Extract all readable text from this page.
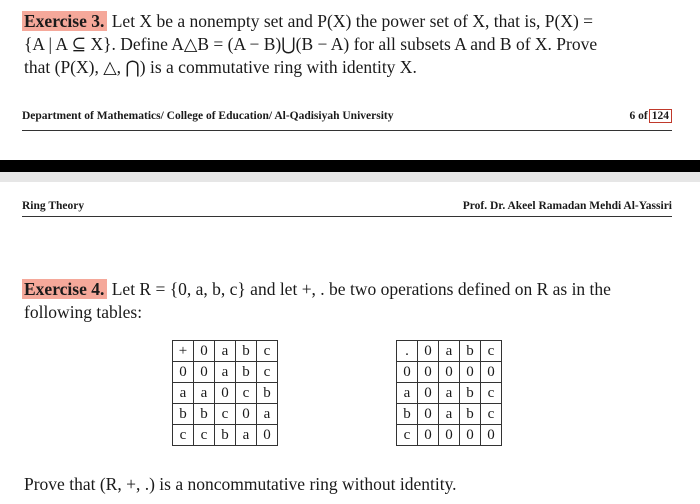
Exercise 3. Let X be a nonempty set and P(X) the power set of X, that is, P(X) =
{A | A ⊆ X}. Define A△B = (A − B)⋃(B − A) for all subsets A and B of X. Prove
that (P(X), △, ⋂) is a commutative ring with identity X.
Department of Mathematics/ College of Education/ Al-Qadisiyah University	6 of 124
Ring Theory	Prof. Dr. Akeel Ramadan Mehdi Al-Yassiri
Exercise 4. Let R = {0, a, b, c} and let +, . be two operations defined on R as in the
following tables:
+	0	a	b	c
0	0	a	b	c
a	a	0	c	b
b	b	c	0	a
c	c	b	a	0
.	0	a	b	c
0	0	0	0	0
a	0	a	b	c
b	0	a	b	c
c	0	0	0	0
Prove that (R, +, .) is a noncommutative ring without identity.
